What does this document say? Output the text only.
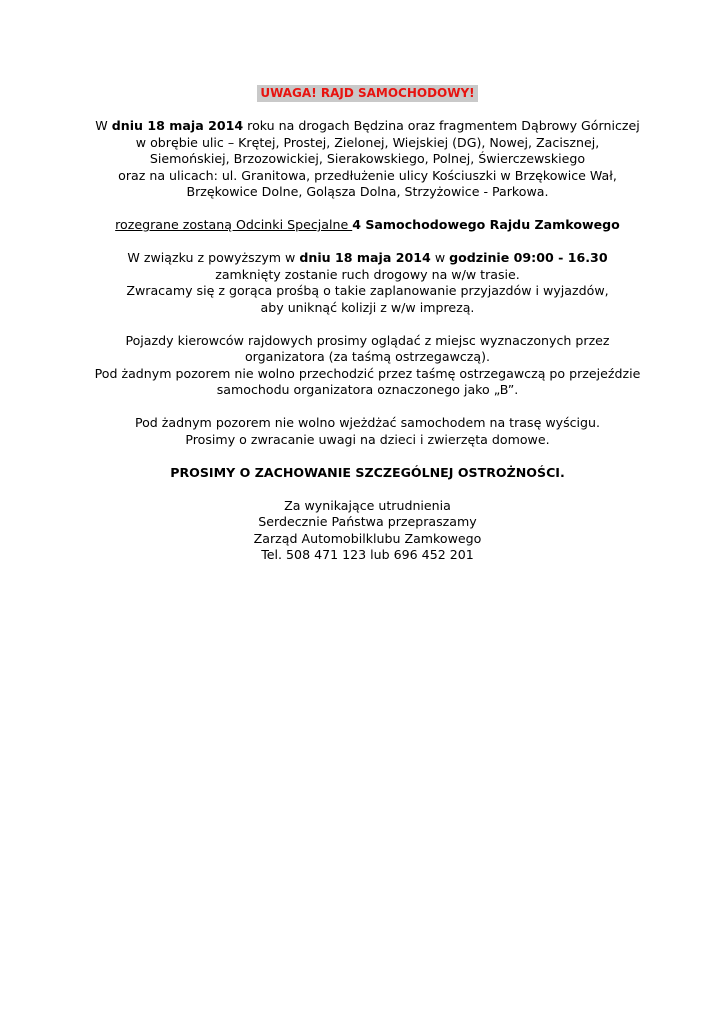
UWAGA! RAJD SAMOCHODOWY!

W dniu 18 maja 2014 roku na drogach Będzina oraz fragmentem Dąbrowy Górniczej

w obrębie ulic – Krętej, Prostej, Zielonej, Wiejskiej (DG), Nowej, Zacisznej,

Siemońskiej, Brzozowickiej, Sierakowskiego, Polnej, Świerczewskiego

oraz na ulicach: ul. Granitowa, przedłużenie ulicy Kościuszki w Brzękowice Wał,

Brzękowice Dolne, Goląsza Dolna, Strzyżowice - Parkowa.

rozegrane zostaną Odcinki Specjalne 4 Samochodowego Rajdu Zamkowego

W związku z powyższym w dniu 18 maja 2014 w godzinie 09:00 - 16.30

zamknięty zostanie ruch drogowy na w/w trasie.

Zwracamy się z gorąca prośbą o takie zaplanowanie przyjazdów i wyjazdów,

aby uniknąć kolizji z w/w imprezą.

Pojazdy kierowców rajdowych prosimy oglądać z miejsc wyznaczonych przez

organizatora (za taśmą ostrzegawczą).

Pod żadnym pozorem nie wolno przechodzić przez taśmę ostrzegawczą po przejeździe

samochodu organizatora oznaczonego jako „B”.

Pod żadnym pozorem nie wolno wjeżdżać samochodem na trasę wyścigu.

Prosimy o zwracanie uwagi na dzieci i zwierzęta domowe.

PROSIMY O ZACHOWANIE SZCZEGÓLNEJ OSTROŻNOŚCI.

Za wynikające utrudnienia

Serdecznie Państwa przepraszamy

Zarząd Automobilklubu Zamkowego

Tel. 508 471 123 lub 696 452 201
